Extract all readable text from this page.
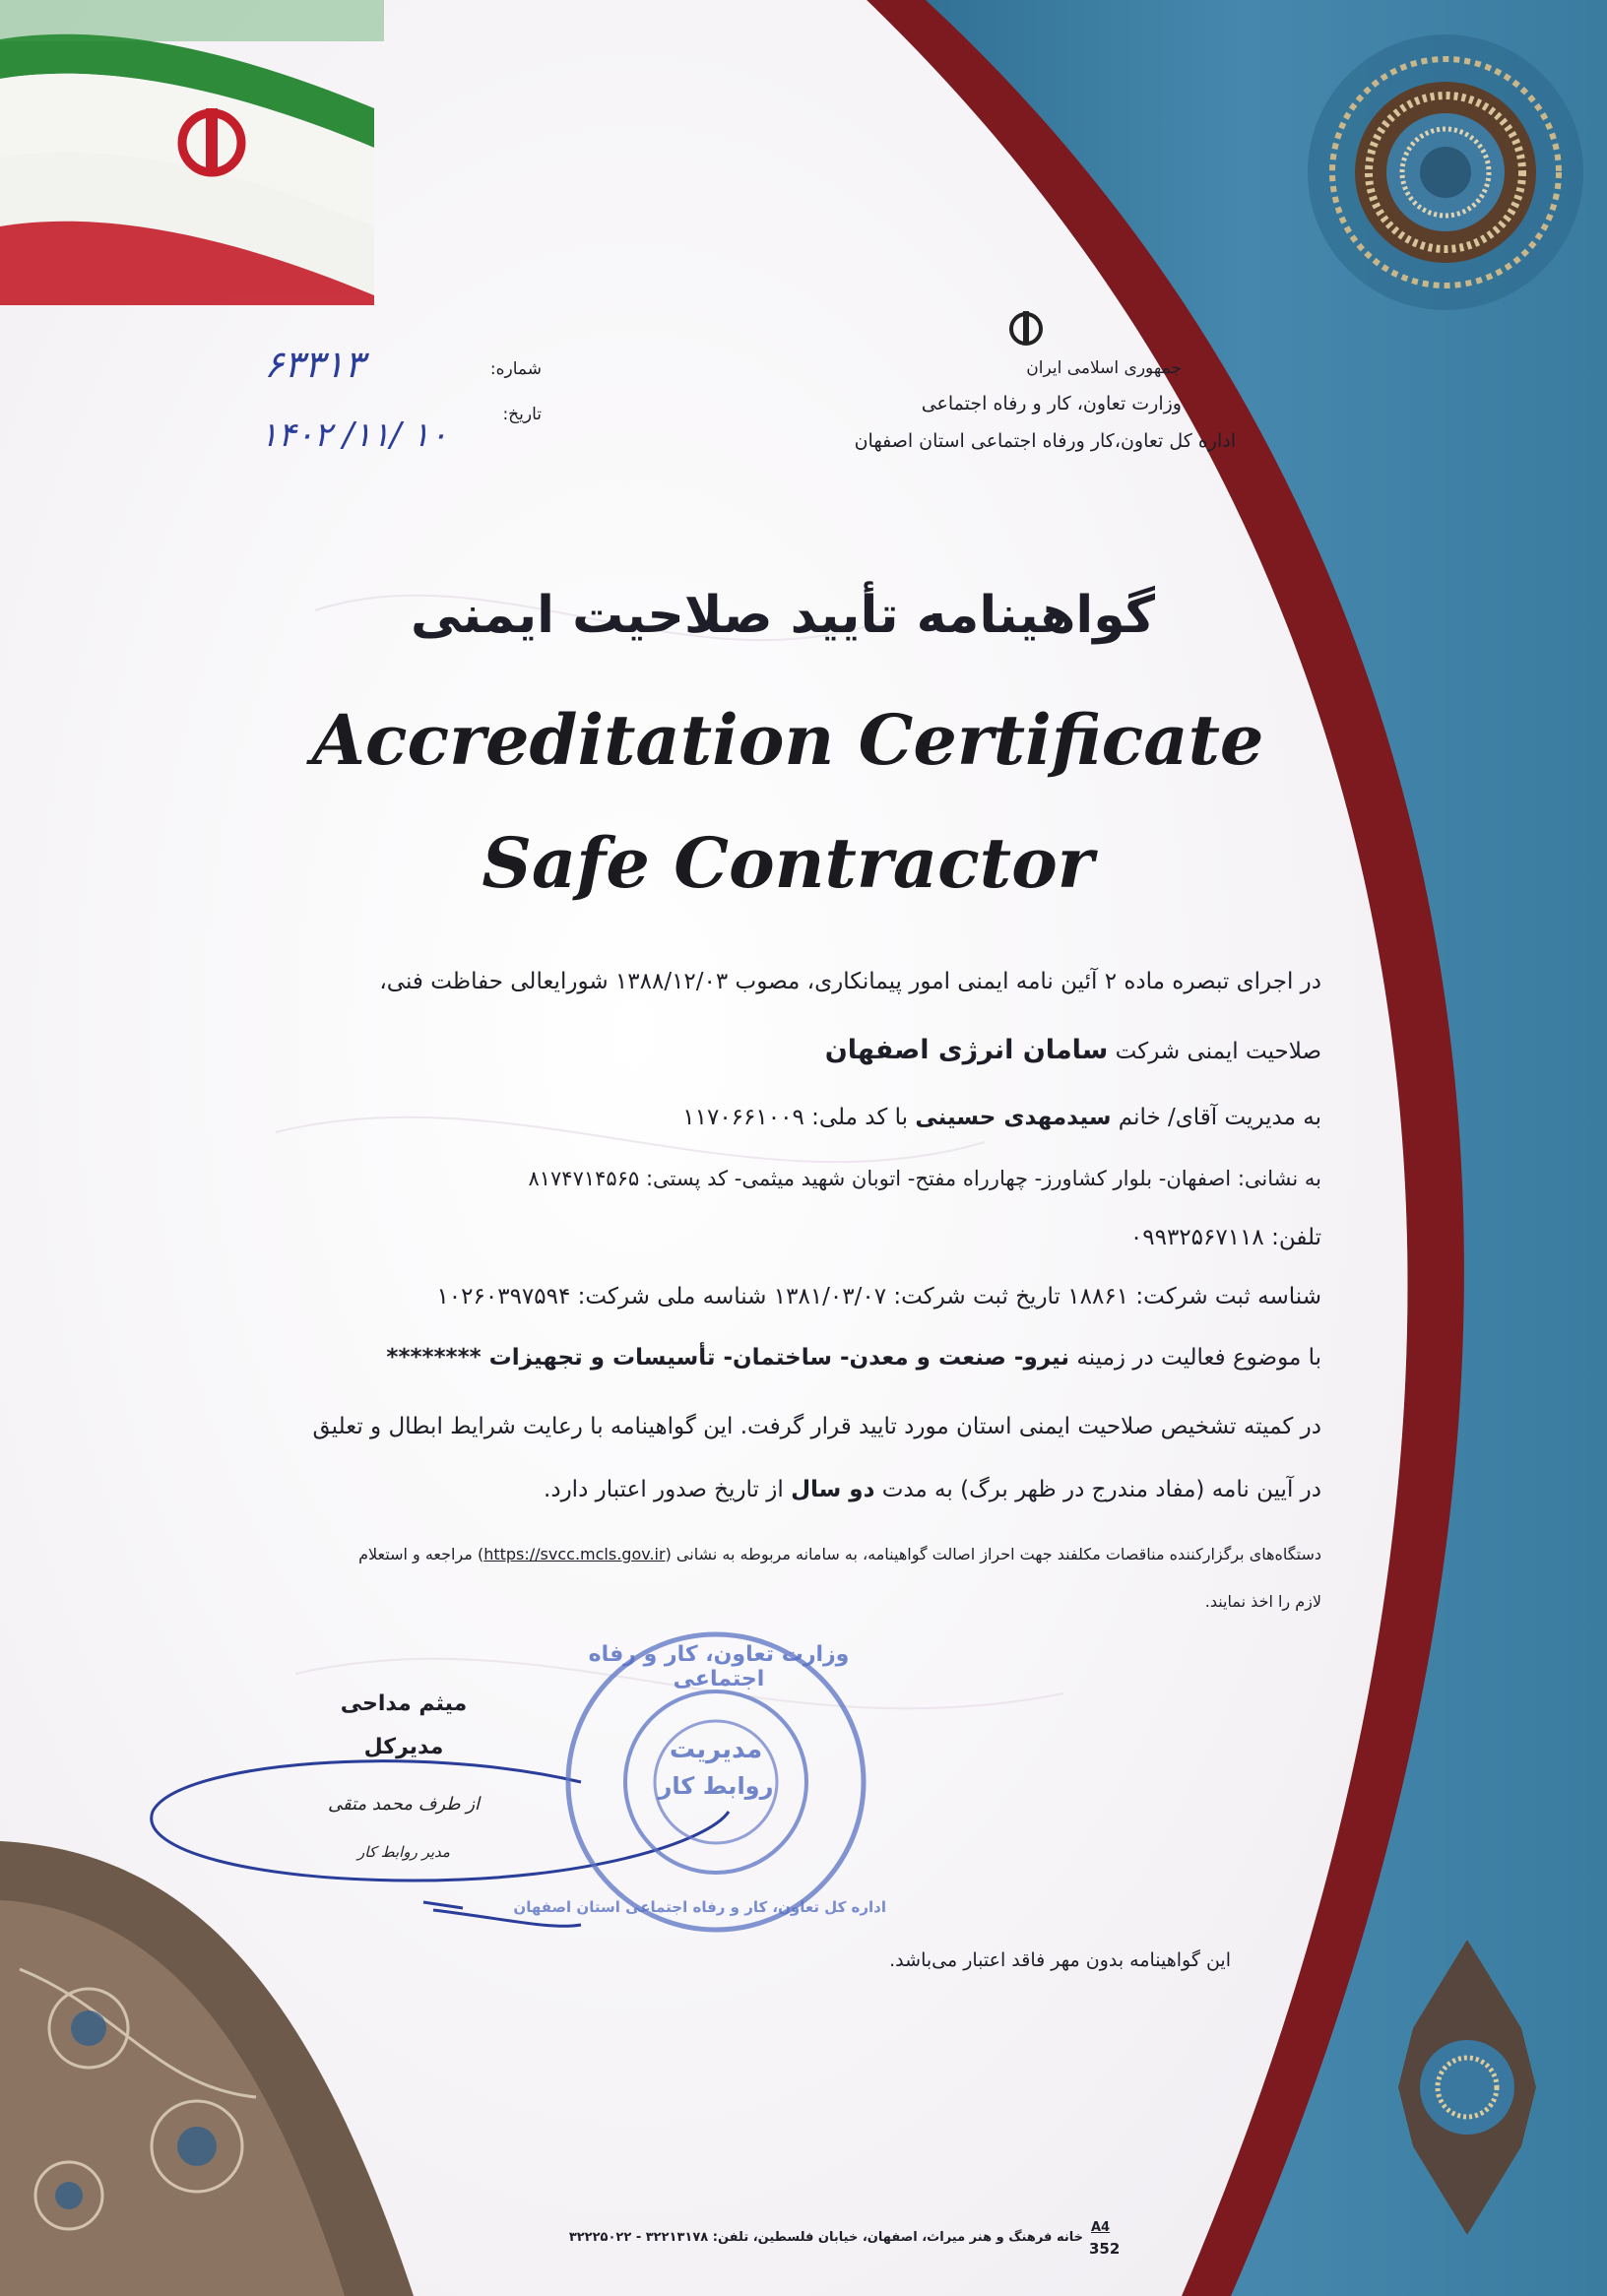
شماره:
۶۳۳۱۳
تاریخ:
۱۴۰۲ /۱۱/ ۱۰
جمهوری اسلامی ایران
وزارت تعاون، کار و رفاه اجتماعی
اداره کل تعاون،کار ورفاه اجتماعی استان اصفهان
گواهینامه تأیید صلاحیت ایمنی
Accreditation Certificate
Safe Contractor
در اجرای تبصره ماده ۲ آئین نامه ایمنی امور پیمانکاری، مصوب ۱۳۸۸/۱۲/۰۳ شورایعالی حفاظت فنی،
صلاحیت ایمنی شرکت سامان انرژی اصفهان
به مدیریت آقای/ خانم سیدمهدی حسینی با کد ملی: ۱۱۷۰۶۶۱۰۰۹
به نشانی: اصفهان- بلوار کشاورز- چهارراه مفتح- اتوبان شهید میثمی- کد پستی: ۸۱۷۴۷۱۴۵۶۵
تلفن: ۰۹۹۳۲۵۶۷۱۱۸
شناسه ثبت شرکت: ۱۸۸۶۱ تاریخ ثبت شرکت: ۱۳۸۱/۰۳/۰۷ شناسه ملی شرکت: ۱۰۲۶۰۳۹۷۵۹۴
با موضوع فعالیت در زمینه نیرو- صنعت و معدن- ساختمان- تأسیسات و تجهیزات ********
در کمیته تشخیص صلاحیت ایمنی استان مورد تایید قرار گرفت. این گواهینامه با رعایت شرایط ابطال و تعلیق
در آیین نامه (مفاد مندرج در ظهر برگ) به مدت دو سال از تاریخ صدور اعتبار دارد.
دستگاه‌های برگزارکننده مناقصات مکلفند جهت احراز اصالت گواهینامه، به سامانه مربوطه به نشانی (https://svcc.mcls.gov.ir) مراجعه و استعلام
لازم را اخذ نمایند.
میثم مداحی
مدیرکل
از طرف محمد متقی
مدیر روابط کار
وزارت تعاون، کار و رفاه اجتماعی
اداره کل تعاون، کار و رفاه اجتماعی استان اصفهان
مدیریت
روابط کار
این گواهینامه بدون مهر فاقد اعتبار می‌باشد.
خانه فرهنگ و هنر میراث، اصفهان، خیابان فلسطین، تلفن: ۳۲۲۱۳۱۷۸ - ۳۲۲۲۵۰۲۲
A4
352
